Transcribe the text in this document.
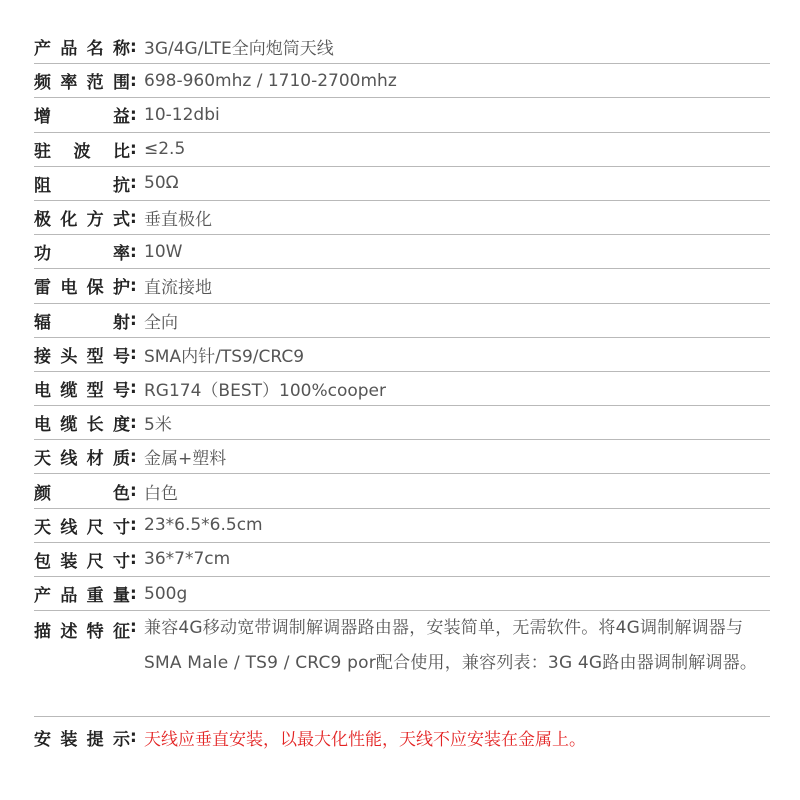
产 品 名 称 : 3G/4G/LTE全向炮筒天线
频 率 范 围 : 698-960mhz / 1710-2700mhz
增	益 : 10-12dbi
驻 波 比 : ≤2.5
阻	抗 : 50Ω
极 化 方 式 : 垂直极化
功	率 : 10W
雷 电 保 护 : 直流接地
辐	射 : 全向
接 头 型 号 : SMA内针/TS9/CRC9
电 缆 型 号 : RG174（BEST）100%cooper
电 缆 长 度 : 5米
天 线 材 质 : 金属+塑料
颜	色 : 白色
天 线 尺 寸 : 23*6.5*6.5cm
包 装 尺 寸 : 36*7*7cm
产 品 重 量 : 500g
描 述 特 征 : 兼容4G移动宽带调制解调器路由器，安装简单，无需软件。将4G调制解调器与SMA Male / TS9 / CRC9 por配合使用，兼容列表：3G 4G路由器调制解调器。
安 装 提 示 : 天线应垂直安装，以最大化性能，天线不应安装在金属上。
